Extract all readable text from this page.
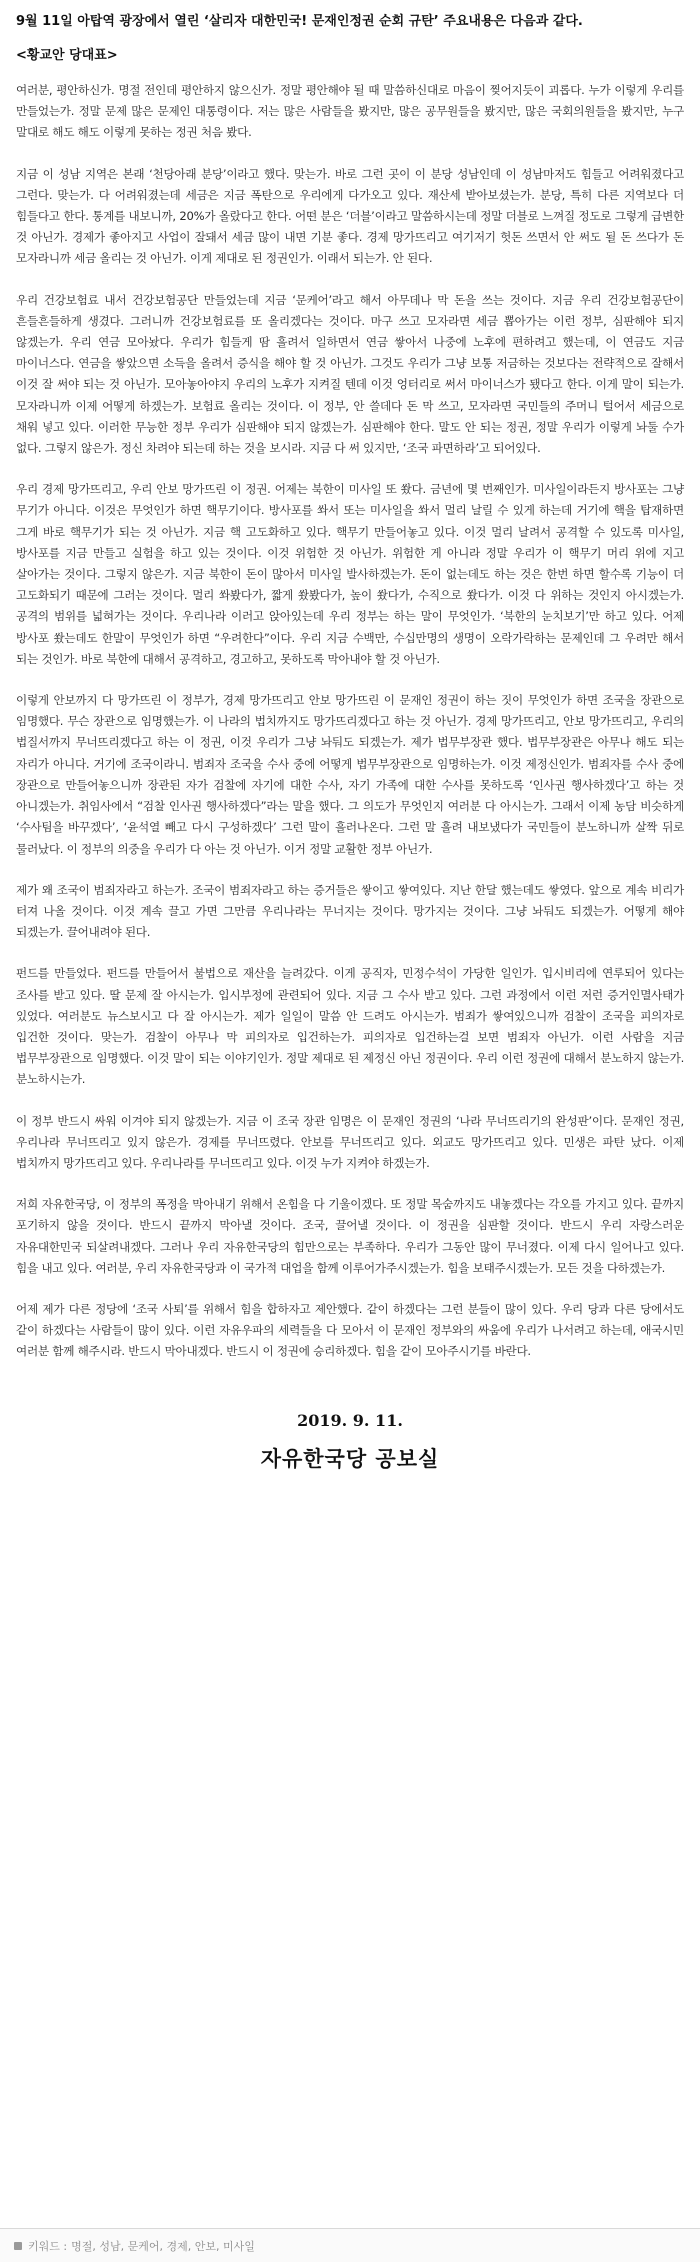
9월 11일 아탑역 광장에서 열린 ‘살리자 대한민국! 문재인정권 순회 규탄’ 주요내용은 다음과 같다.

<황교안 당대표>

여러분, 평안하신가. 명절 전인데 평안하지 않으신가. 정말 평안해야 될 때 말씀하신대로 마음이 찢어지듯이 괴롭다. 누가 이렇게 우리를 만들었는가. 정말 문제 많은 문제인 대통령이다. 저는 많은 사람들을 봤지만, 많은 공무원들을 봤지만, 많은 국회의원들을 봤지만, 누구 말대로 해도 해도 이렇게 못하는 정권 처음 봤다.

지금 이 성남 지역은 본래 ‘천당아래 분당’이라고 했다. 맞는가. 바로 그런 곳이 이 분당 성남인데 이 성남마저도 힘들고 어려워졌다고 그런다. 맞는가. 다 어려워졌는데 세금은 지금 폭탄으로 우리에게 다가오고 있다. 재산세 받아보셨는가. 분당, 특히 다른 지역보다 더 힘들다고 한다. 통계를 내보니까, 20%가 올랐다고 한다. 어떤 분은 ‘더블’이라고 말씀하시는데 정말 더블로 느껴질 정도로 그렇게 급변한 것 아닌가. 경제가 좋아지고 사업이 잘돼서 세금 많이 내면 기분 좋다. 경제 망가뜨리고 여기저기 헛돈 쓰면서 안 써도 될 돈 쓰다가 돈 모자라니까 세금 올리는 것 아닌가. 이게 제대로 된 정권인가. 이래서 되는가. 안 된다.

우리 건강보험료 내서 건강보험공단 만들었는데 지금 ‘문케어’라고 해서 아무데나 막 돈을 쓰는 것이다. 지금 우리 건강보험공단이 흔들흔들하게 생겼다. 그러니까 건강보험료를 또 올리겠다는 것이다. 마구 쓰고 모자라면 세금 뽑아가는 이런 정부, 심판해야 되지 않겠는가. 우리 연금 모아놨다. 우리가 힘들게 땀 흘려서 일하면서 연금 쌓아서 나중에 노후에 편하려고 했는데, 이 연금도 지금 마이너스다. 연금을 쌓았으면 소득을 올려서 증식을 해야 할 것 아닌가. 그것도 우리가 그냥 보통 저금하는 것보다는 전략적으로 잘해서 이것 잘 써야 되는 것 아닌가. 모아놓아야지 우리의 노후가 지켜질 텐데 이것 엉터리로 써서 마이너스가 됐다고 한다. 이게 말이 되는가. 모자라니까 이제 어떻게 하겠는가. 보험료 올리는 것이다. 이 정부, 안 쓸데다 돈 막 쓰고, 모자라면 국민들의 주머니 털어서 세금으로 채워 넣고 있다. 이러한 무능한 정부 우리가 심판해야 되지 않겠는가. 심판해야 한다. 말도 안 되는 정권, 정말 우리가 이렇게 놔둘 수가 없다. 그렇지 않은가. 정신 차려야 되는데 하는 것을 보시라. 지금 다 써 있지만, ‘조국 파면하라’고 되어있다.

우리 경제 망가뜨리고, 우리 안보 망가뜨린 이 정권. 어제는 북한이 미사일 또 쐈다. 금년에 몇 번째인가. 미사일이라든지 방사포는 그냥 무기가 아니다. 이것은 무엇인가 하면 핵무기이다. 방사포를 쏴서 또는 미사일을 쏴서 멀리 날릴 수 있게 하는데 거기에 핵을 탑재하면 그게 바로 핵무기가 되는 것 아닌가. 지금 핵 고도화하고 있다. 핵무기 만들어놓고 있다. 이것 멀리 날려서 공격할 수 있도록 미사일, 방사포를 지금 만들고 실험을 하고 있는 것이다. 이것 위험한 것 아닌가. 위험한 게 아니라 정말 우리가 이 핵무기 머리 위에 지고 살아가는 것이다. 그렇지 않은가. 지금 북한이 돈이 많아서 미사일 발사하겠는가. 돈이 없는데도 하는 것은 한번 하면 할수록 기능이 더 고도화되기 때문에 그러는 것이다. 멀리 쏴봤다가, 짧게 쐈봤다가, 높이 쐈다가, 수직으로 쐈다가. 이것 다 위하는 것인지 아시겠는가. 공격의 범위를 넓혀가는 것이다. 우리나라 이러고 앉아있는데 우리 정부는 하는 말이 무엇인가. ‘북한의 눈치보기’만 하고 있다. 어제 방사포 쐈는데도 한말이 무엇인가 하면 “우려한다”이다. 우리 지금 수백만, 수십만명의 생명이 오락가락하는 문제인데 그 우려만 해서 되는 것인가. 바로 북한에 대해서 공격하고, 경고하고, 못하도록 막아내야 할 것 아닌가.

이렇게 안보까지 다 망가뜨린 이 정부가, 경제 망가뜨리고 안보 망가뜨린 이 문재인 정권이 하는 짓이 무엇인가 하면 조국을 장관으로 임명했다. 무슨 장관으로 임명했는가. 이 나라의 법치까지도 망가뜨리겠다고 하는 것 아닌가. 경제 망가뜨리고, 안보 망가뜨리고, 우리의 법질서까지 무너뜨리겠다고 하는 이 정권, 이것 우리가 그냥 놔둬도 되겠는가. 제가 법무부장관 했다. 법무부장관은 아무나 해도 되는 자리가 아니다. 거기에 조국이라니. 범죄자 조국을 수사 중에 어떻게 법무부장관으로 임명하는가. 이것 제정신인가. 범죄자를 수사 중에 장관으로 만들어놓으니까 장관된 자가 검찰에 자기에 대한 수사, 자기 가족에 대한 수사를 못하도록 ‘인사권 행사하겠다’고 하는 것 아니겠는가. 취임사에서 “검찰 인사권 행사하겠다”라는 말을 했다. 그 의도가 무엇인지 여러분 다 아시는가. 그래서 이제 농담 비슷하게 ‘수사팀을 바꾸겠다’, ‘윤석열 빼고 다시 구성하겠다’ 그런 말이 흘러나온다. 그런 말 흘려 내보냈다가 국민들이 분노하니까 살짝 뒤로 물러났다. 이 정부의 의중을 우리가 다 아는 것 아닌가. 이거 정말 교활한 정부 아닌가.

제가 왜 조국이 범죄자라고 하는가. 조국이 범죄자라고 하는 증거들은 쌓이고 쌓여있다. 지난 한달 했는데도 쌓였다. 앞으로 계속 비리가 터져 나올 것이다. 이것 계속 끌고 가면 그만큼 우리나라는 무너지는 것이다. 망가지는 것이다. 그냥 놔둬도 되겠는가. 어떻게 해야 되겠는가. 끌어내려야 된다.

펀드를 만들었다. 펀드를 만들어서 불법으로 재산을 늘려갔다. 이게 공직자, 민정수석이 가당한 일인가. 입시비리에 연루되어 있다는 조사를 받고 있다. 딸 문제 잘 아시는가. 입시부정에 관련되어 있다. 지금 그 수사 받고 있다. 그런 과정에서 이런 저런 증거인멸사태가 있었다. 여러분도 뉴스보시고 다 잘 아시는가. 제가 일일이 말씀 안 드려도 아시는가. 범죄가 쌓여있으니까 검찰이 조국을 피의자로 입건한 것이다. 맞는가. 검찰이 아무나 막 피의자로 입건하는가. 피의자로 입건하는걸 보면 범죄자 아닌가. 이런 사람을 지금 법무부장관으로 임명했다. 이것 말이 되는 이야기인가. 정말 제대로 된 제정신 아닌 정권이다. 우리 이런 정권에 대해서 분노하지 않는가. 분노하시는가.

이 정부 반드시 싸워 이겨야 되지 않겠는가. 지금 이 조국 장관 임명은 이 문재인 정권의 ‘나라 무너뜨리기의 완성판’이다. 문재인 정권, 우리나라 무너뜨리고 있지 않은가. 경제를 무너뜨렸다. 안보를 무너뜨리고 있다. 외교도 망가뜨리고 있다. 민생은 파탄 났다. 이제 법치까지 망가뜨리고 있다. 우리나라를 무너뜨리고 있다. 이것 누가 지켜야 하겠는가.

저희 자유한국당, 이 정부의 폭정을 막아내기 위해서 온힘을 다 기울이겠다. 또 정말 목숨까지도 내놓겠다는 각오를 가지고 있다. 끝까지 포기하지 않을 것이다. 반드시 끝까지 막아낼 것이다. 조국, 끌어낼 것이다. 이 정권을 심판할 것이다. 반드시 우리 자랑스러운 자유대한민국 되살려내겠다. 그러나 우리 자유한국당의 힘만으로는 부족하다. 우리가 그동안 많이 무너졌다. 이제 다시 일어나고 있다. 힘을 내고 있다. 여러분, 우리 자유한국당과 이 국가적 대업을 함께 이루어가주시겠는가. 힘을 보태주시겠는가. 모든 것을 다하겠는가.

어제 제가 다른 정당에 ‘조국 사퇴’를 위해서 힘을 합하자고 제안했다. 같이 하겠다는 그런 분들이 많이 있다. 우리 당과 다른 당에서도 같이 하겠다는 사람들이 많이 있다. 이런 자유우파의 세력들을 다 모아서 이 문재인 정부와의 싸움에 우리가 나서려고 하는데, 애국시민 여러분 함께 해주시라. 반드시 막아내겠다. 반드시 이 정권에 승리하겠다. 힘을 같이 모아주시기를 바란다.

2019. 9. 11.
자유한국당 공보실
키워드 : 명절, 성남, 문케어, 경제, 안보, 미사일
